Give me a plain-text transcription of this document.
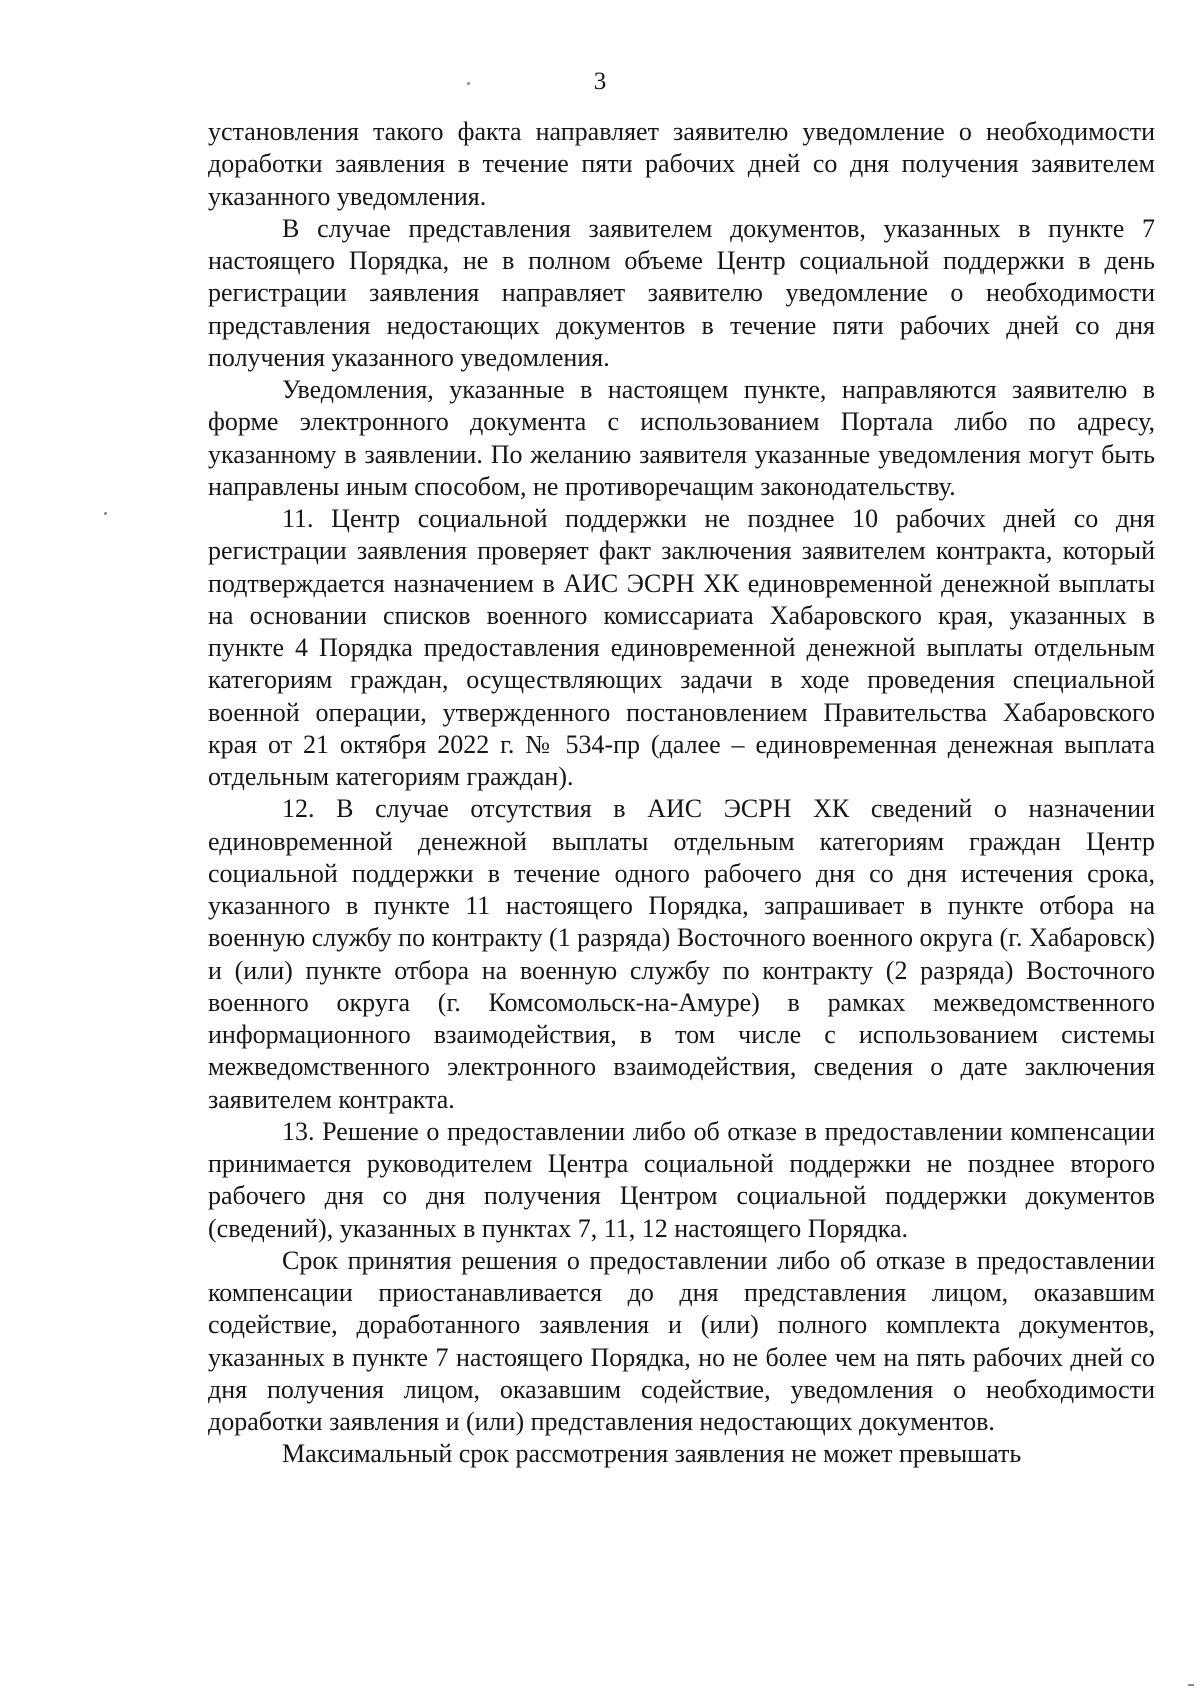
3

установления такого факта направляет заявителю уведомление о необходимости доработки заявления в течение пяти рабочих дней со дня получения заявителем указанного уведомления.

В случае представления заявителем документов, указанных в пункте 7 настоящего Порядка, не в полном объеме Центр социальной поддержки в день регистрации заявления направляет заявителю уведомление о необходимости представления недостающих документов в течение пяти рабочих дней со дня получения указанного уведомления.

Уведомления, указанные в настоящем пункте, направляются заявителю в форме электронного документа с использованием Портала либо по адресу, указанному в заявлении. По желанию заявителя указанные уведомления могут быть направлены иным способом, не противоречащим законодательству.

11. Центр социальной поддержки не позднее 10 рабочих дней со дня регистрации заявления проверяет факт заключения заявителем контракта, который подтверждается назначением в АИС ЭСРН ХК единовременной денежной выплаты на основании списков военного комиссариата Хабаровского края, указанных в пункте 4 Порядка предоставления единовременной денежной выплаты отдельным категориям граждан, осуществляющих задачи в ходе проведения специальной военной операции, утвержденного постановлением Правительства Хабаровского края от 21 октября 2022 г. № 534-пр (далее – единовременная денежная выплата отдельным категориям граждан).

12. В случае отсутствия в АИС ЭСРН ХК сведений о назначении единовременной денежной выплаты отдельным категориям граждан Центр социальной поддержки в течение одного рабочего дня со дня истечения срока, указанного в пункте 11 настоящего Порядка, запрашивает в пункте отбора на военную службу по контракту (1 разряда) Восточного военного округа (г. Хабаровск) и (или) пункте отбора на военную службу по контракту (2 разряда) Восточного военного округа (г. Комсомольск-на-Амуре) в рамках межведомственного информационного взаимодействия, в том числе с использованием системы межведомственного электронного взаимодействия, сведения о дате заключения заявителем контракта.

13. Решение о предоставлении либо об отказе в предоставлении компенсации принимается руководителем Центра социальной поддержки не позднее второго рабочего дня со дня получения Центром социальной поддержки документов (сведений), указанных в пунктах 7, 11, 12 настоящего Порядка.

Срок принятия решения о предоставлении либо об отказе в предоставлении компенсации приостанавливается до дня представления лицом, оказавшим содействие, доработанного заявления и (или) полного комплекта документов, указанных в пункте 7 настоящего Порядка, но не более чем на пять рабочих дней со дня получения лицом, оказавшим содействие, уведомления о необходимости доработки заявления и (или) представления недостающих документов.

Максимальный срок рассмотрения заявления не может превышать
